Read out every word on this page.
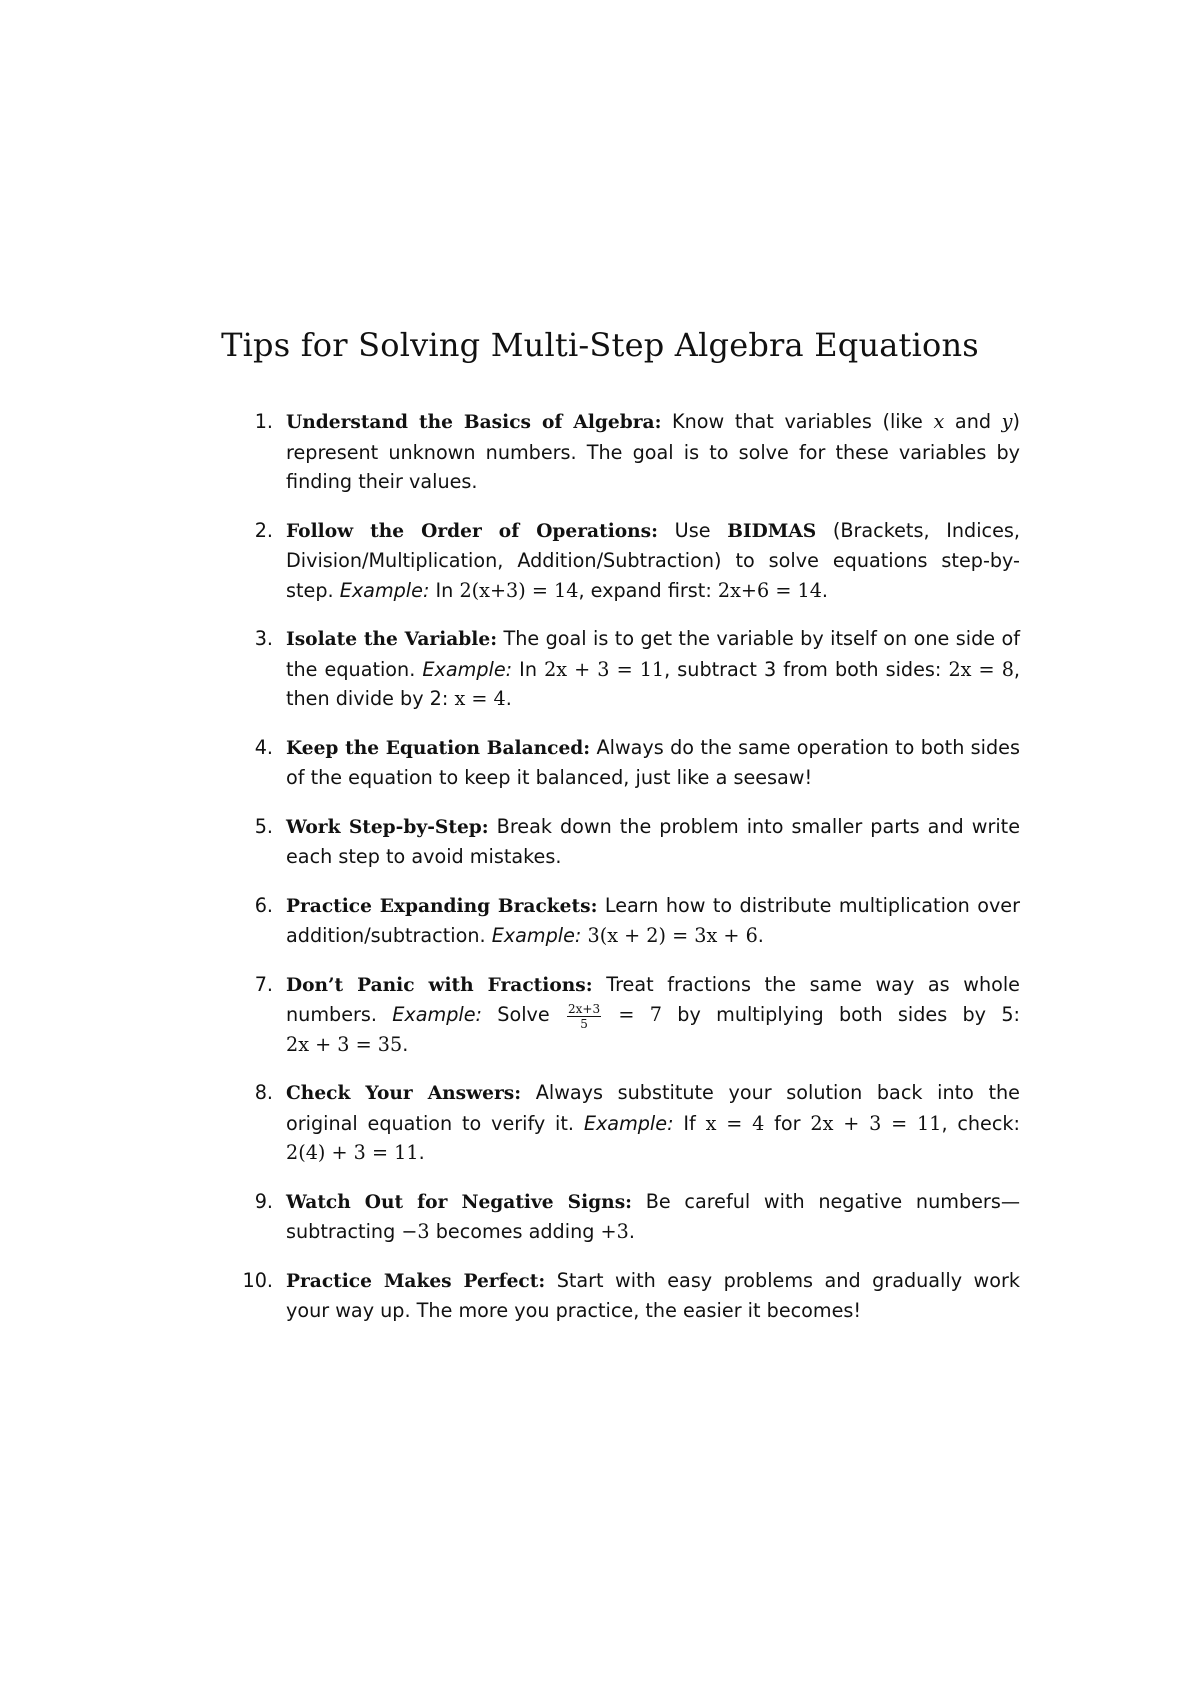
Tips for Solving Multi-Step Algebra Equations
1. Understand the Basics of Algebra: Know that variables (like x and y) represent unknown numbers. The goal is to solve for these variables by finding their values.
2. Follow the Order of Operations: Use BIDMAS (Brackets, Indices, Division/Multiplication, Addition/Subtraction) to solve equations step-by-step. Example: In 2(x+3) = 14, expand first: 2x+6 = 14.
3. Isolate the Variable: The goal is to get the variable by itself on one side of the equation. Example: In 2x + 3 = 11, subtract 3 from both sides: 2x = 8, then divide by 2: x = 4.
4. Keep the Equation Balanced: Always do the same operation to both sides of the equation to keep it balanced, just like a seesaw!
5. Work Step-by-Step: Break down the problem into smaller parts and write each step to avoid mistakes.
6. Practice Expanding Brackets: Learn how to distribute multiplication over addition/subtraction. Example: 3(x + 2) = 3x + 6.
7. Don’t Panic with Fractions: Treat fractions the same way as whole numbers. Example: Solve $\frac{2x+3}{5} = 7$ by multiplying both sides by 5: 2x + 3 = 35.
8. Check Your Answers: Always substitute your solution back into the original equation to verify it. Example: If x = 4 for 2x + 3 = 11, check: 2(4) + 3 = 11.
9. Watch Out for Negative Signs: Be careful with negative numbers—subtracting −3 becomes adding +3.
10. Practice Makes Perfect: Start with easy problems and gradually work your way up. The more you practice, the easier it becomes!
